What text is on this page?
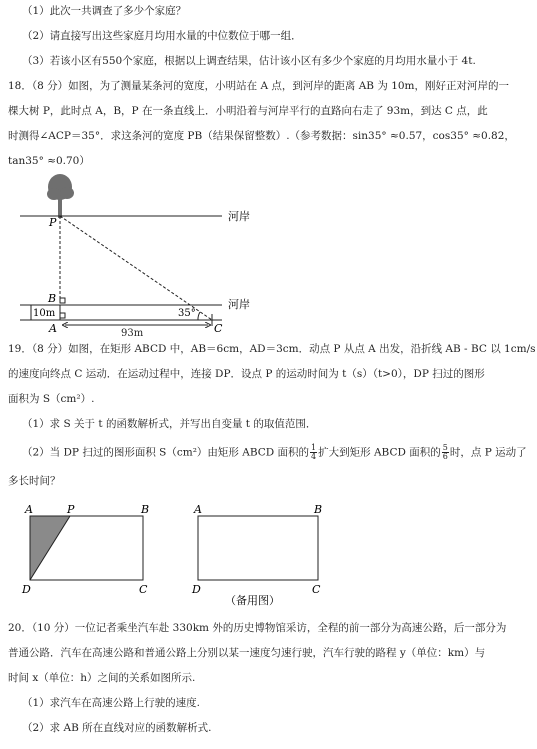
（1）此次一共调查了多少个家庭？
（2）请直接写出这些家庭月均用水量的中位数位于哪一组．
（3）若该小区有550个家庭，根据以上调查结果，估计该小区有多少个家庭的月均用水量小于 4t.
18．（8 分）如图，为了测量某条河的宽度，小明站在 A 点，到河岸的距离 AB 为 10m，刚好正对河岸的一
棵大树 P，此时点 A，B，P 在一条直线上．小明沿着与河岸平行的直路向右走了 93m，到达 C 点，此
时测得∠ACP＝35°．求这条河的宽度 PB（结果保留整数）.（参考数据：sin35° ≈0.57，cos35° ≈0.82，
tan35° ≈0.70）
河岸
P
河岸
B
A	C
10m
93m
35°
19．（8 分）如图，在矩形 ABCD 中，AB＝6cm，AD＝3cm．动点 P 从点 A 出发，沿折线 AB - BC 以 1cm/s
的速度向终点 C 运动．在运动过程中，连接 DP．设点 P 的运动时间为 t（s）（t>0），DP 扫过的图形
面积为 S（cm²）.
（1）求 S 关于 t 的函数解析式，并写出自变量 t 的取值范围．
（2）当 DP 扫过的图形面积 S（cm²）由矩形 ABCD 面积的 $\frac{1}{4}$ 扩大到矩形 ABCD 面积的 $\frac{5}{6}$ 时，点 P 运动了
多长时间？
A	P	B
D	C
A	B
D	C
（备用图）
20．（10 分）一位记者乘坐汽车赴 330km 外的历史博物馆采访，全程的前一部分为高速公路，后一部分为
普通公路．汽车在高速公路和普通公路上分别以某一速度匀速行驶，汽车行驶的路程 y（单位：km）与
时间 x（单位：h）之间的关系如图所示.
（1）求汽车在高速公路上行驶的速度.
（2）求 AB 所在直线对应的函数解析式.
